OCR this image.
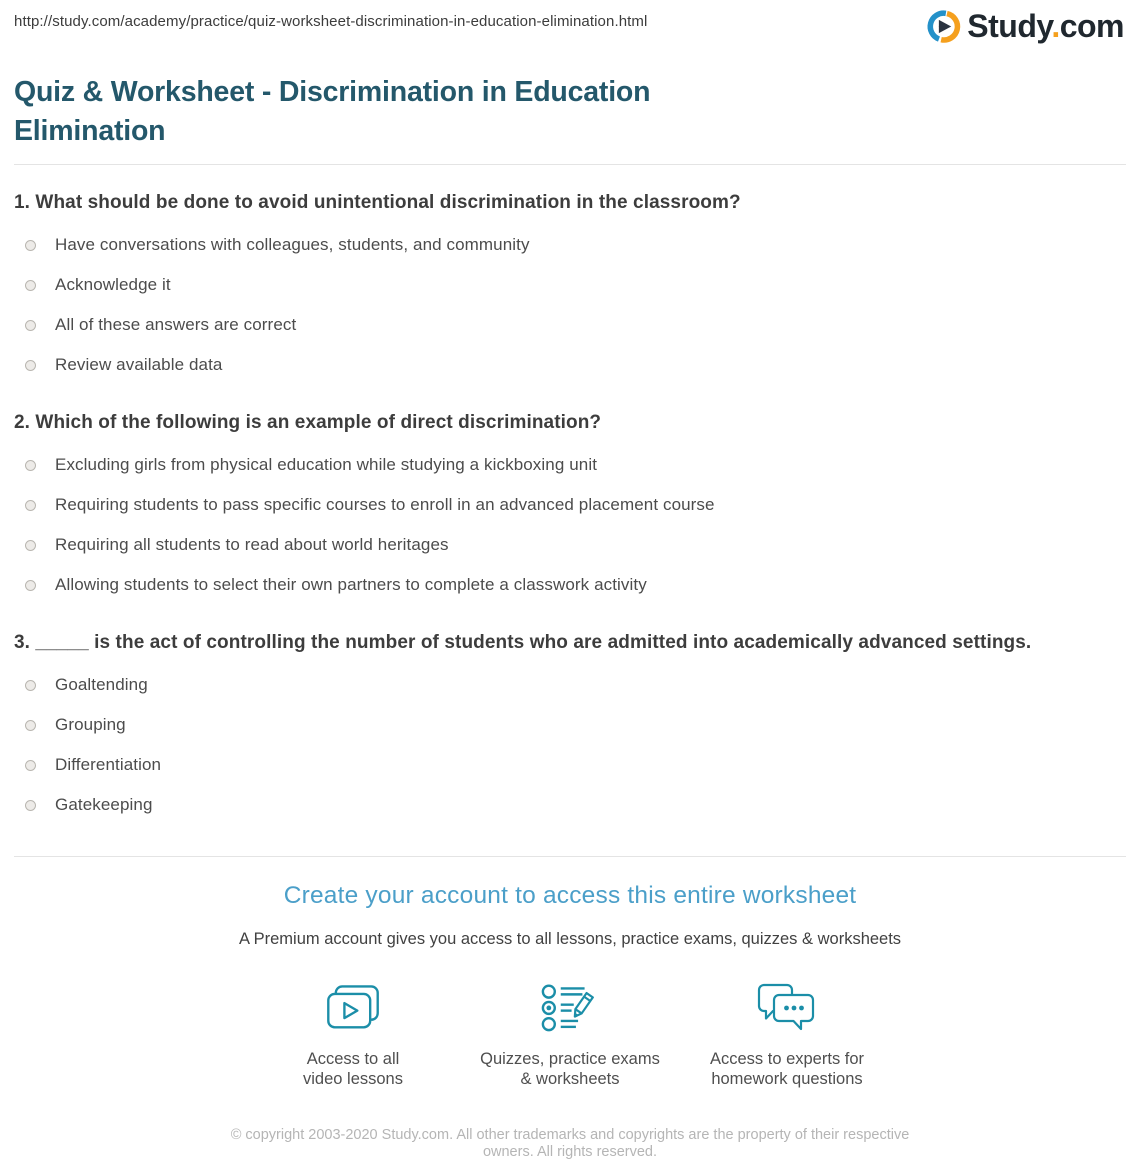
http://study.com/academy/practice/quiz-worksheet-discrimination-in-education-elimination.html	Study.com
Quiz & Worksheet - Discrimination in Education Elimination
1. What should be done to avoid unintentional discrimination in the classroom?
Have conversations with colleagues, students, and community
Acknowledge it
All of these answers are correct
Review available data
2. Which of the following is an example of direct discrimination?
Excluding girls from physical education while studying a kickboxing unit
Requiring students to pass specific courses to enroll in an advanced placement course
Requiring all students to read about world heritages
Allowing students to select their own partners to complete a classwork activity
3. _____ is the act of controlling the number of students who are admitted into academically advanced settings.
Goaltending
Grouping
Differentiation
Gatekeeping
Create your account to access this entire worksheet
A Premium account gives you access to all lessons, practice exams, quizzes & worksheets
Access to all
video lessons
Quizzes, practice exams
& worksheets
Access to experts for
homework questions
© copyright 2003-2020 Study.com. All other trademarks and copyrights are the property of their respective owners. All rights reserved.
